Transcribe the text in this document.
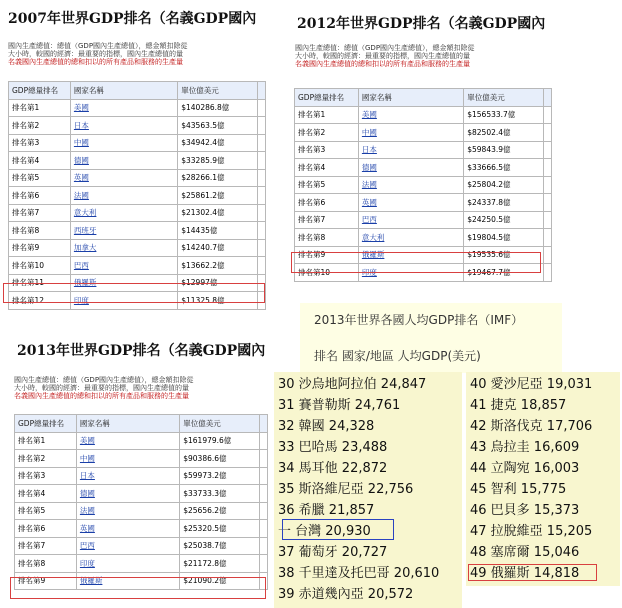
2007年世界GDP排名（名義GDP國內
國內生產總值：總值（GDP國內生產總值），總金額扣除從
大小時，較國的經濟：最重要的指標，國內生產總值的量
名義國內生產總值的總和扣以的所有產品和服務的生產量
GDP總量排名	國家名稱	單位億美元	
排名第1	美國	$140286.8億	
排名第2	日本	$43563.5億	
排名第3	中國	$34942.4億	
排名第4	德國	$33285.9億	
排名第5	英國	$28266.1億	
排名第6	法國	$25861.2億	
排名第7	意大利	$21302.4億	
排名第8	西班牙	$14435億	
排名第9	加拿大	$14240.7億	
排名第10	巴西	$13662.2億	
排名第11	俄羅斯	$12997億	
排名第12	印度	$11325.8億	
2012年世界GDP排名（名義GDP國內
國內生產總值：總值（GDP國內生產總值），總金額扣除從
大小時，較國的經濟：最重要的指標，國內生產總值的量
名義國內生產總值的總和扣以的所有產品和服務的生產量
GDP總量排名	國家名稱	單位億美元	
排名第1	美國	$156533.7億	
排名第2	中國	$82502.4億	
排名第3	日本	$59843.9億	
排名第4	德國	$33666.5億	
排名第5	法國	$25804.2億	
排名第6	英國	$24337.8億	
排名第7	巴西	$24250.5億	
排名第8	意大利	$19804.5億	
排名第9	俄羅斯	$19535.6億	
排名第10	印度	$19467.7億	
2013年世界GDP排名（名義GDP國內
國內生產總值：總值（GDP國內生產總值），總金額扣除從
大小時，較國的經濟：最重要的指標，國內生產總值的量
名義國內生產總值的總和扣以的所有產品和服務的生產量
GDP總量排名	國家名稱	單位億美元	
排名第1	美國	$161979.6億	
排名第2	中國	$90386.6億	
排名第3	日本	$59973.2億	
排名第4	德國	$33733.3億	
排名第5	法國	$25656.2億	
排名第6	英國	$25320.5億	
排名第7	巴西	$25038.7億	
排名第8	印度	$21172.8億	
排名第9	俄羅斯	$21090.2億	
2013年世界各國人均GDP排名（IMF）
排名 國家/地區 人均GDP(美元)
30 沙烏地阿拉伯 24,847
31 賽普勒斯 24,761
32 韓國 24,328
33 巴哈馬 23,488
34 馬耳他 22,872
35 斯洛維尼亞 22,756
36 希臘 21,857
一 台灣 20,930
37 葡萄牙 20,727
38 千里達及托巴哥 20,610
39 赤道幾內亞 20,572
40 愛沙尼亞 19,031
41 捷克 18,857
42 斯洛伐克 17,706
43 烏拉圭 16,609
44 立陶宛 16,003
45 智利 15,775
46 巴貝多 15,373
47 拉脫維亞 15,205
48 塞席爾 15,046
49 俄羅斯 14,818
